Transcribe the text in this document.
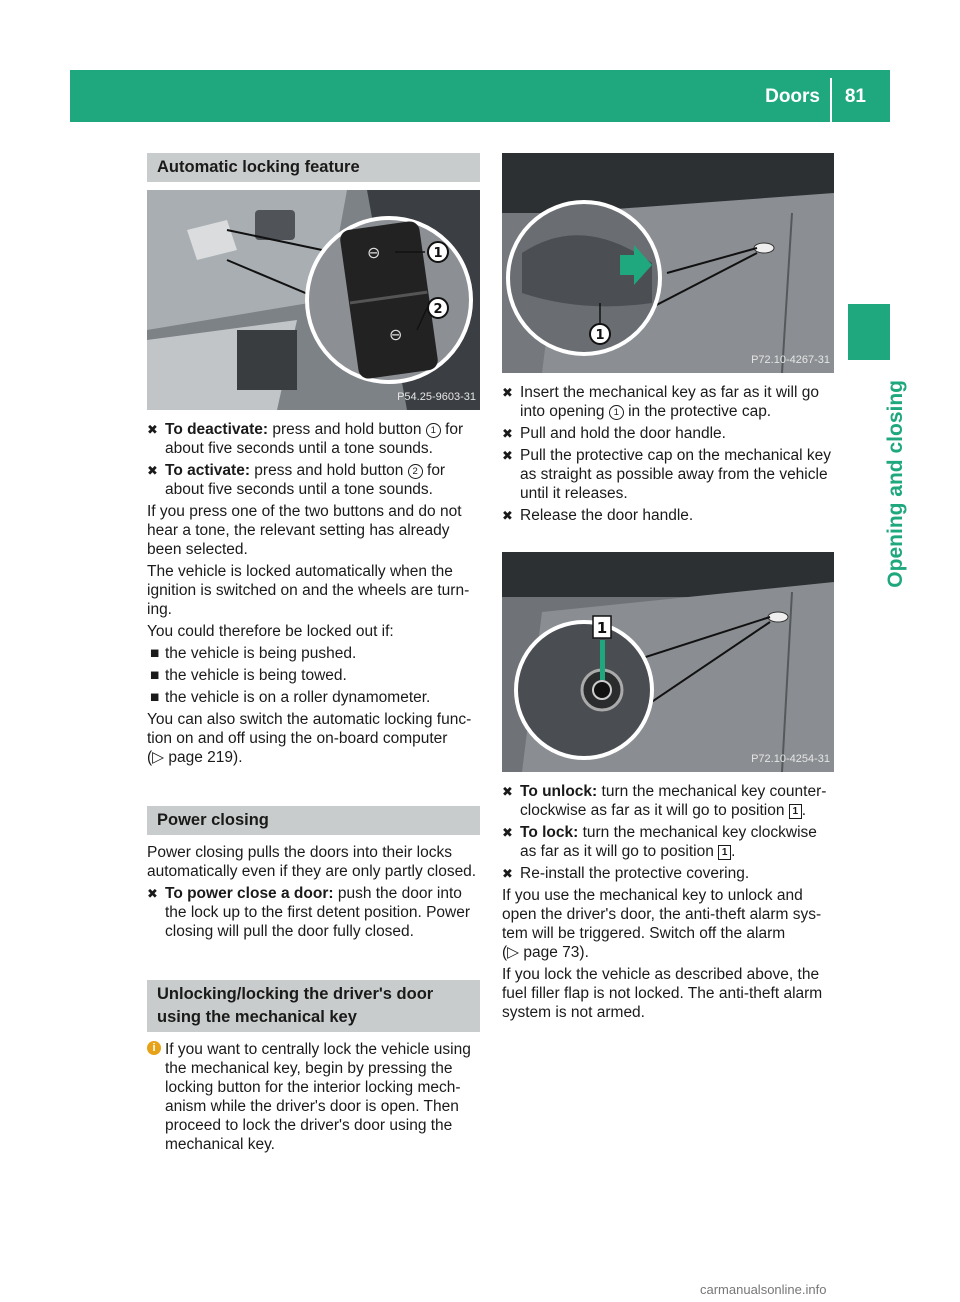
Doors 81
Opening and closing
Automatic locking feature
⊖
⊖
1
2
P54.25-9603-31
✖ To deactivate: press and hold button 1 for about five seconds until a tone sounds.
✖ To activate: press and hold button 2 for about five seconds until a tone sounds.

If you press one of the two buttons and do not hear a tone, the relevant setting has already been selected.

The vehicle is locked automatically when the ignition is switched on and the wheels are turn-ing.

You could therefore be locked out if:

■ the vehicle is being pushed.
■ the vehicle is being towed.
■ the vehicle is on a roller dynamometer.

You can also switch the automatic locking func-tion on and off using the on-board computer
(▷ page 219).

Power closing

Power closing pulls the doors into their locks automatically even if they are only partly closed.

✖ To power close a door: push the door into the lock up to the first detent position. Power closing will pull the door fully closed.
Unlocking/locking the driver's door
using the mechanical key
i If you want to centrally lock the vehicle using the mechanical key, begin by pressing the locking button for the interior locking mech-anism while the driver's door is open. Then proceed to lock the driver's door using the mechanical key.
1
P72.10-4267-31
✖ Insert the mechanical key as far as it will go into opening 1 in the protective cap.
✖ Pull and hold the door handle.
✖ Pull the protective cap on the mechanical key as straight as possible away from the vehicle until it releases.
✖ Release the door handle.
1
P72.10-4254-31
✖ To unlock: turn the mechanical key counter-clockwise as far as it will go to position 1 .
✖ To lock: turn the mechanical key clockwise as far as it will go to position 1 .
✖ Re-install the protective covering.

If you use the mechanical key to unlock and open the driver's door, the anti-theft alarm sys-tem will be triggered. Switch off the alarm
(▷ page 73).

If you lock the vehicle as described above, the fuel filler flap is not locked. The anti-theft alarm system is not armed.

carmanualsonline.info
